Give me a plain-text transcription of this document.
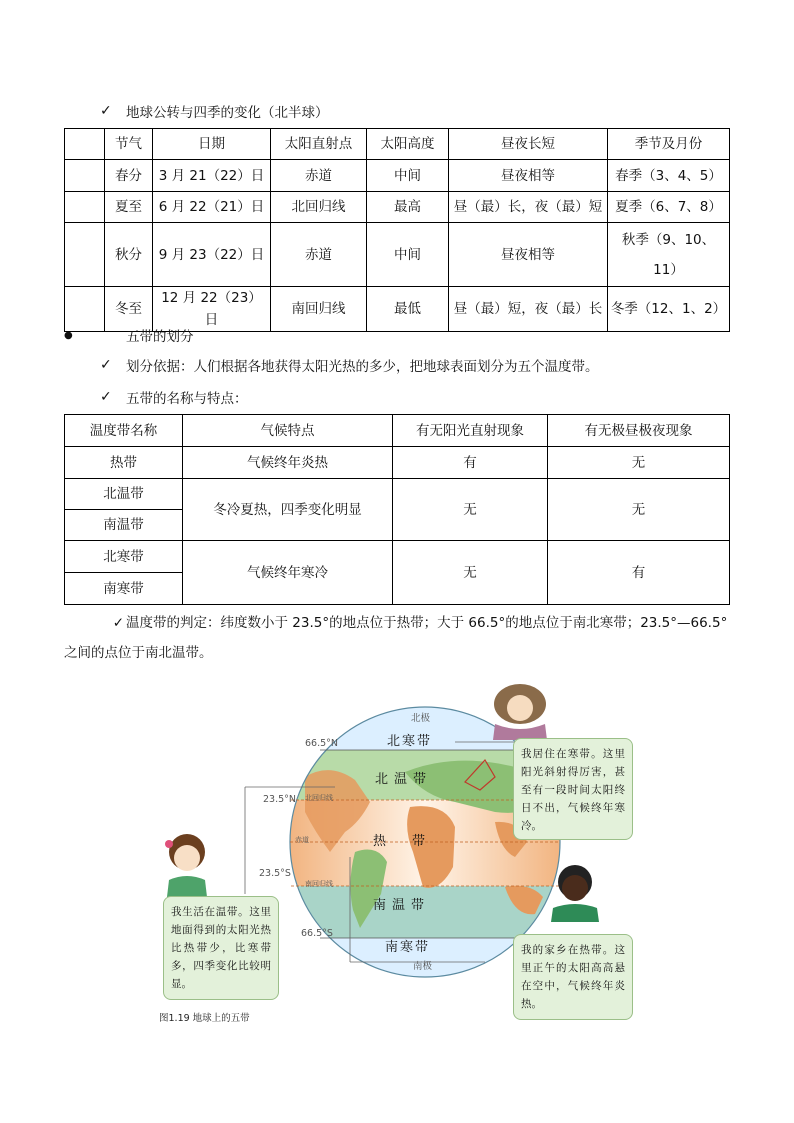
✓	地球公转与四季的变化（北半球）
	节气	日期	太阳直射点	太阳高度	昼夜长短	季节及月份
	春分	3 月 21（22）日	赤道	中间	昼夜相等	春季（3、4、5）
	夏至	6 月 22（21）日	北回归线	最高	昼（最）长，夜（最）短	夏季（6、7、8）
	秋分	9 月 23（22）日	赤道	中间	昼夜相等	秋季（9、10、11）
	冬至	12 月 22（23）日	南回归线	最低	昼（最）短，夜（最）长	冬季（12、1、2）
●	五带的划分
✓	划分依据：人们根据各地获得太阳光热的多少，把地球表面划分为五个温度带。
✓	五带的名称与特点：
温度带名称	气候特点	有无阳光直射现象	有无极昼极夜现象
热带	气候终年炎热	有	无
北温带	冬冷夏热，四季变化明显	无	无
南温带			
北寒带	气候终年寒冷	无	有
南寒带			
✓ 温度带的判定：纬度数小于 23.5°的地点位于热带；大于 66.5°的地点位于南北寒带；23.5°—66.5°之间的点位于南北温带。
北极
南极
66.5°N
23.5°N
23.5°S
66.5°S
北回归线
赤道
南回归线
北寒带
北温带
热带
南温带
南寒带
我居住在寒带。这里阳光斜射得厉害，甚至有一段时间太阳终日不出，气候终年寒冷。
我生活在温带。这里地面得到的太阳光热比热带少，比寒带多，四季变化比较明显。
我的家乡在热带。这里正午的太阳高高悬在空中，气候终年炎热。
图1.19 地球上的五带
